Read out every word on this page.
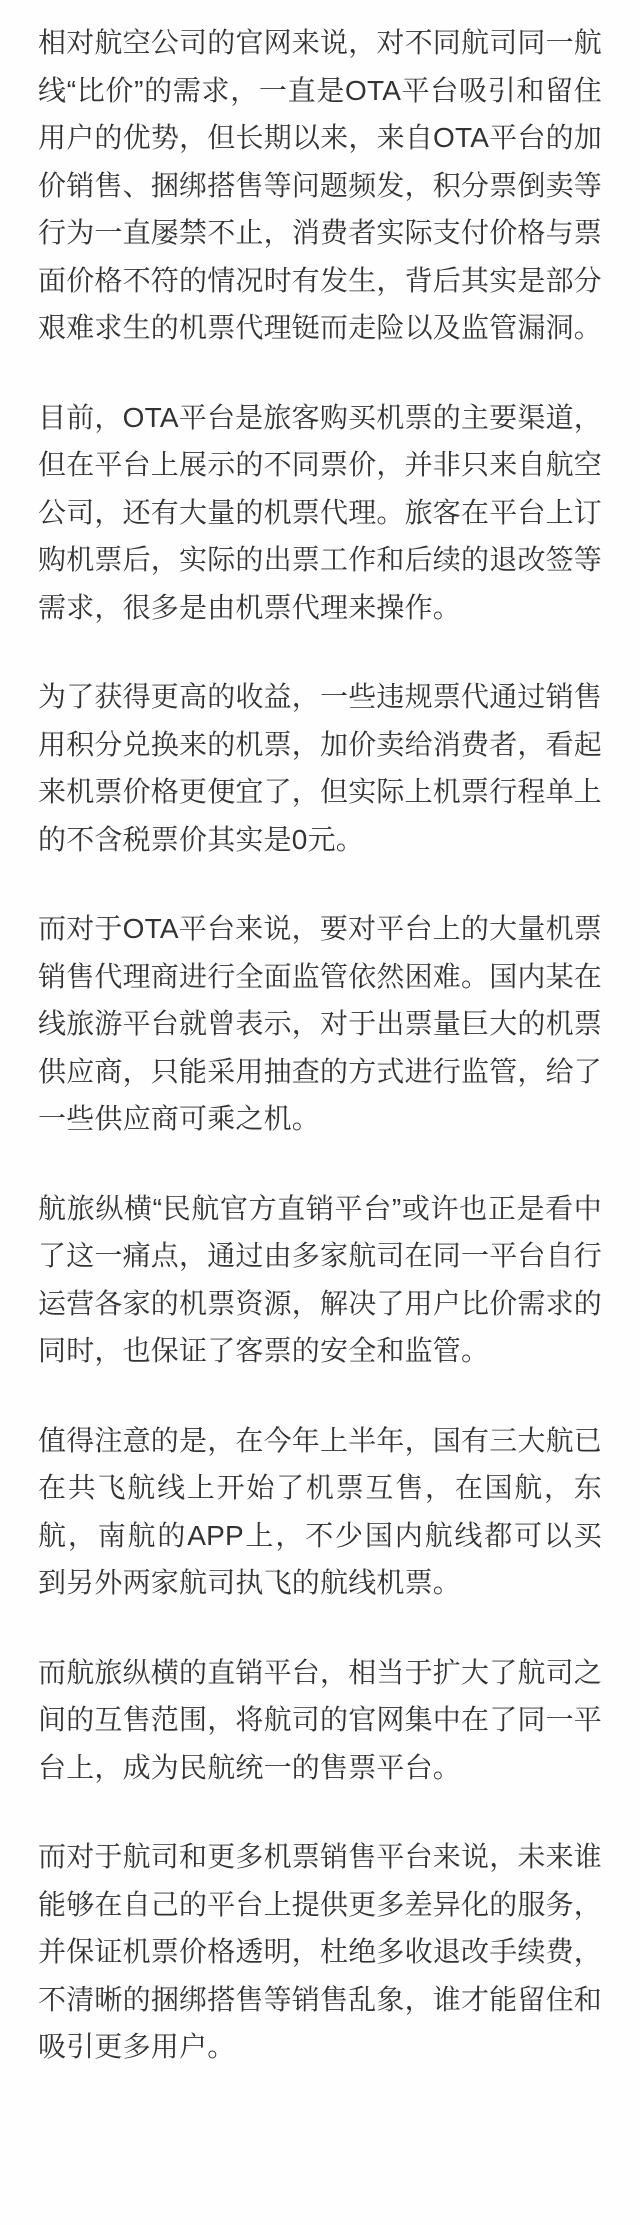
相对航空公司的官网来说，对不同航司同一航线“比价”的需求，一直是OTA平台吸引和留住用户的优势，但长期以来，来自OTA平台的加价销售、捆绑搭售等问题频发，积分票倒卖等行为一直屡禁不止，消费者实际支付价格与票面价格不符的情况时有发生，背后其实是部分艰难求生的机票代理铤而走险以及监管漏洞。

目前，OTA平台是旅客购买机票的主要渠道，但在平台上展示的不同票价，并非只来自航空公司，还有大量的机票代理。旅客在平台上订购机票后，实际的出票工作和后续的退改签等需求，很多是由机票代理来操作。

为了获得更高的收益，一些违规票代通过销售用积分兑换来的机票，加价卖给消费者，看起来机票价格更便宜了，但实际上机票行程单上的不含税票价其实是0元。

而对于OTA平台来说，要对平台上的大量机票销售代理商进行全面监管依然困难。国内某在线旅游平台就曾表示，对于出票量巨大的机票供应商，只能采用抽查的方式进行监管，给了一些供应商可乘之机。

航旅纵横“民航官方直销平台”或许也正是看中了这一痛点，通过由多家航司在同一平台自行运营各家的机票资源，解决了用户比价需求的同时，也保证了客票的安全和监管。

值得注意的是，在今年上半年，国有三大航已在共飞航线上开始了机票互售，在国航，东航，南航的APP上，不少国内航线都可以买到另外两家航司执飞的航线机票。

而航旅纵横的直销平台，相当于扩大了航司之间的互售范围，将航司的官网集中在了同一平台上，成为民航统一的售票平台。

而对于航司和更多机票销售平台来说，未来谁能够在自己的平台上提供更多差异化的服务，并保证机票价格透明，杜绝多收退改手续费，不清晰的捆绑搭售等销售乱象，谁才能留住和吸引更多用户。
